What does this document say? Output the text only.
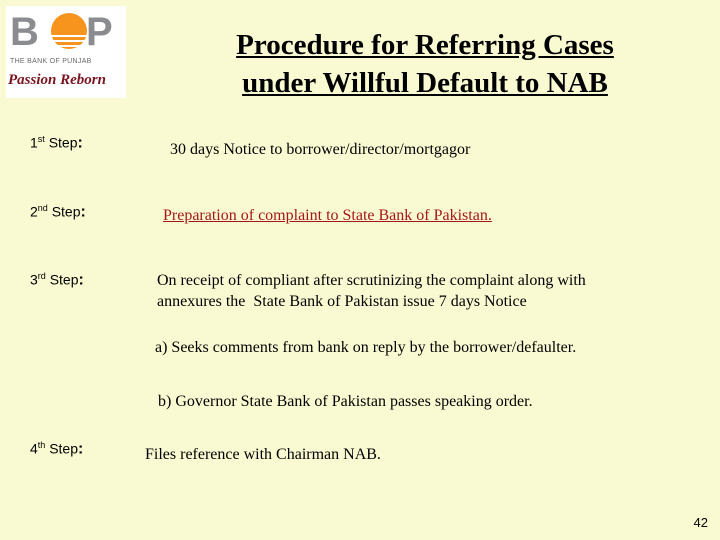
B P
THE BANK OF PUNJAB
Passion Reborn
Procedure for Referring Cases
under Willful Default to NAB
1st Step:	30 days Notice to borrower/director/mortgagor
2nd Step:	Preparation of complaint to State Bank of Pakistan.
3rd Step:	On receipt of compliant after scrutinizing the complaint along with
annexures the  State Bank of Pakistan issue 7 days Notice
a) Seeks comments from bank on reply by the borrower/defaulter.
b) Governor State Bank of Pakistan passes speaking order.
4th Step:	Files reference with Chairman NAB.
42
